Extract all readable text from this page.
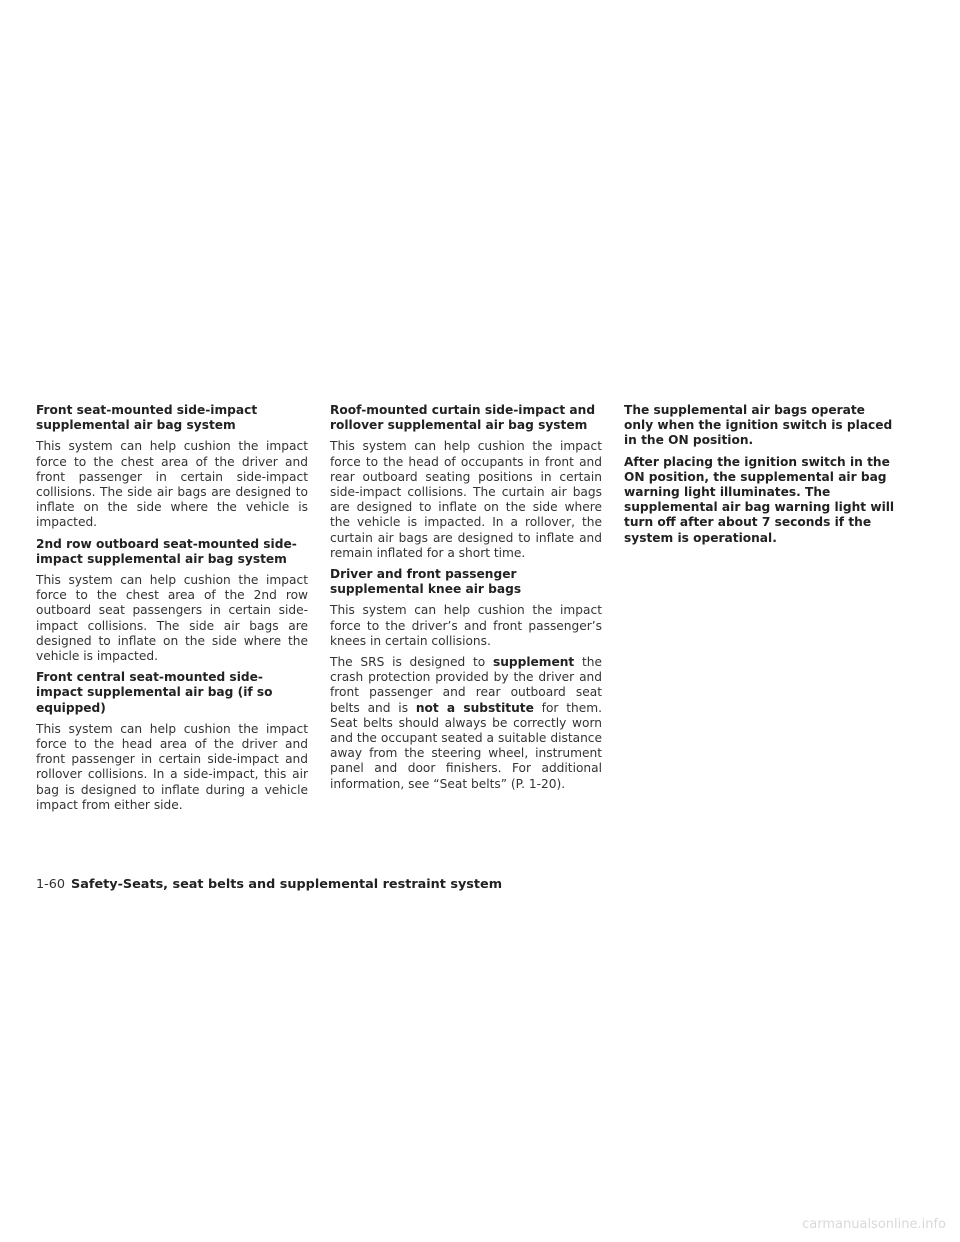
Front seat-mounted side-impact supplemental air bag system

This system can help cushion the impact force to the chest area of the driver and front passenger in certain side-impact collisions. The side air bags are designed to inflate on the side where the vehicle is impacted.

2nd row outboard seat-mounted side-impact supplemental air bag system

This system can help cushion the impact force to the chest area of the 2nd row outboard seat passengers in certain side-impact collisions. The side air bags are designed to inflate on the side where the vehicle is impacted.

Front central seat-mounted side-impact supplemental air bag (if so equipped)

This system can help cushion the impact force to the head area of the driver and front passenger in certain side-impact and rollover collisions. In a side-impact, this air bag is designed to inflate during a vehicle impact from either side.

Roof-mounted curtain side-impact and rollover supplemental air bag system

This system can help cushion the impact force to the head of occupants in front and rear outboard seating positions in certain side-impact collisions. The curtain air bags are designed to inflate on the side where the vehicle is impacted. In a rollover, the curtain air bags are designed to inflate and remain inflated for a short time.

Driver and front passenger supplemental knee air bags

This system can help cushion the impact force to the driver’s and front passenger’s knees in certain collisions.

The SRS is designed to supplement the crash protection provided by the driver and front passenger and rear outboard seat belts and is not a substitute for them. Seat belts should always be correctly worn and the occupant seated a suitable distance away from the steering wheel, instrument panel and door finishers. For additional information, see “Seat belts” (P. 1-20).

The supplemental air bags operate only when the ignition switch is placed in the ON position.

After placing the ignition switch in the ON position, the supplemental air bag warning light illuminates. The supplemental air bag warning light will turn off after about 7 seconds if the system is operational.

1-60 Safety-Seats, seat belts and supplemental restraint system
carmanualsonline.info
